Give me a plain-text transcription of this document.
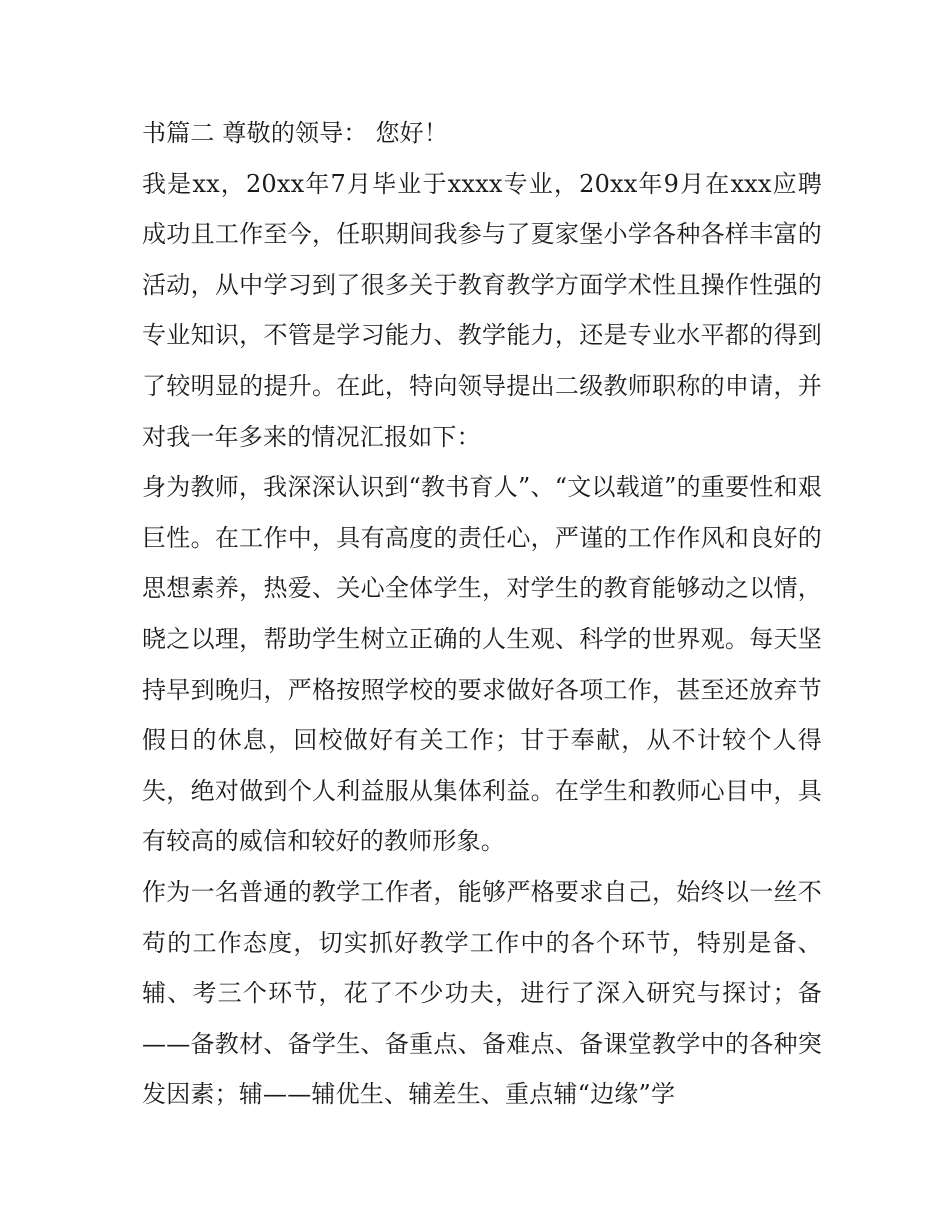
书篇二 尊敬的领导： 您好！

我是xx，20xx年7月毕业于xxxx专业，20xx年9月在xxx应聘成功且工作至今，任职期间我参与了夏家堡小学各种各样丰富的活动，从中学习到了很多关于教育教学方面学术性且操作性强的专业知识，不管是学习能力、教学能力，还是专业水平都的得到了较明显的提升。在此，特向领导提出二级教师职称的申请，并对我一年多来的情况汇报如下：

身为教师，我深深认识到“教书育人”、“文以载道”的重要性和艰巨性。在工作中，具有高度的责任心，严谨的工作作风和良好的思想素养，热爱、关心全体学生，对学生的教育能够动之以情，晓之以理，帮助学生树立正确的人生观、科学的世界观。每天坚持早到晚归，严格按照学校的要求做好各项工作，甚至还放弃节假日的休息，回校做好有关工作；甘于奉献，从不计较个人得失，绝对做到个人利益服从集体利益。在学生和教师心目中，具有较高的威信和较好的教师形象。

作为一名普通的教学工作者，能够严格要求自己，始终以一丝不苟的工作态度，切实抓好教学工作中的各个环节，特别是备、辅、考三个环节，花了不少功夫，进行了深入研究与探讨；备——备教材、备学生、备重点、备难点、备课堂教学中的各种突发因素；辅——辅优生、辅差生、重点辅“边缘”学
